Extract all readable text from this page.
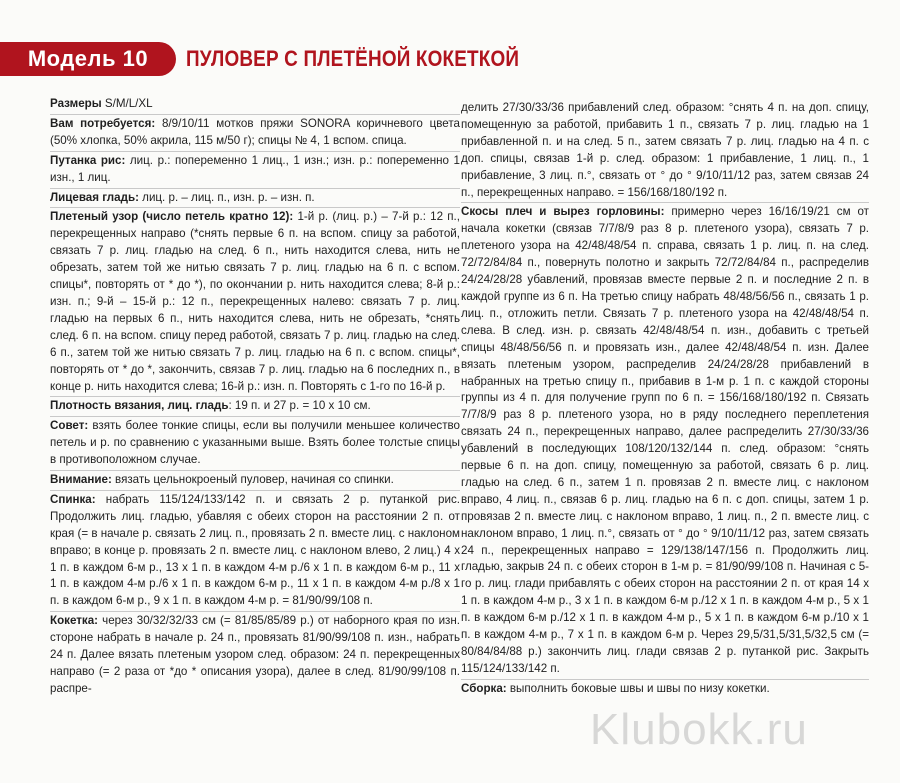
Модель 10	ПУЛОВЕР С ПЛЕТЁНОЙ КОКЕТКОЙ

Размеры S/M/L/XL

Вам потребуется: 8/9/10/11 мотков пряжи SONORA коричневого цвета (50% хлопка, 50% акрила, 115 м/50 г); спицы № 4, 1 вспом. спица.

Путанка рис: лиц. р.: попеременно 1 лиц., 1 изн.; изн. р.: попеременно 1 изн., 1 лиц.

Лицевая гладь: лиц. р. – лиц. п., изн. р. – изн. п.

Плетеный узор (число петель кратно 12): 1-й р. (лиц. р.) – 7-й р.: 12 п., перекрещенных направо (*снять первые 6 п. на вспом. спицу за работой, связать 7 р. лиц. гладью на след. 6 п., нить находится слева, нить не обрезать, затем той же нитью связать 7 р. лиц. гладью на 6 п. с вспом. спицы*, повторять от * до *), по окончании р. нить находится слева; 8-й р.: изн. п.; 9-й – 15-й р.: 12 п., перекрещенных налево: связать 7 р. лиц. гладью на первых 6 п., нить находится слева, нить не обрезать, *снять след. 6 п. на вспом. спицу перед работой, связать 7 р. лиц. гладью на след. 6 п., затем той же нитью связать 7 р. лиц. гладью на 6 п. с вспом. спицы*, повторять от * до *, закончить, связав 7 р. лиц. гладью на 6 последних п., в конце р. нить находится слева; 16-й р.: изн. п. Повторять с 1-го по 16-й р.

Плотность вязания, лиц. гладь: 19 п. и 27 р. = 10 х 10 см.

Совет: взять более тонкие спицы, если вы получили меньшее количество петель и р. по сравнению с указанными выше. Взять более толстые спицы в противоположном случае.

Внимание: вязать цельнокроеный пуловер, начиная со спинки.

Спинка: набрать 115/124/133/142 п. и связать 2 р. путанкой рис. Продолжить лиц. гладью, убавляя с обеих сторон на расстоянии 2 п. от края (= в начале р. связать 2 лиц. п., провязать 2 п. вместе лиц. с наклоном вправо; в конце р. провязать 2 п. вместе лиц. с наклоном влево, 2 лиц.) 4 х 1 п. в каждом 6-м р., 13 х 1 п. в каждом 4-м р./6 х 1 п. в каждом 6-м р., 11 х 1 п. в каждом 4-м р./6 х 1 п. в каждом 6-м р., 11 х 1 п. в каждом 4-м р./8 х 1 п. в каждом 6-м р., 9 х 1 п. в каждом 4-м р. = 81/90/99/108 п.

Кокетка: через 30/32/32/33 см (= 81/85/85/89 р.) от наборного края по изн. стороне набрать в начале р. 24 п., провязать 81/90/99/108 п. изн., набрать 24 п. Далее вязать плетеным узором след. образом: 24 п. перекрещенных направо (= 2 раза от *до * описания узора), далее в след. 81/90/99/108 п. распре-

делить 27/30/33/36 прибавлений след. образом: °снять 4 п. на доп. спицу, помещенную за работой, прибавить 1 п., связать 7 р. лиц. гладью на 1 прибавленной п. и на след. 5 п., затем связать 7 р. лиц. гладью на 4 п. с доп. спицы, связав 1-й р. след. образом: 1 прибавление, 1 лиц. п., 1 прибавление, 3 лиц. п.°, связать от ° до ° 9/10/11/12 раз, затем связав 24 п., перекрещенных направо. = 156/168/180/192 п.

Скосы плеч и вырез горловины: примерно через 16/16/19/21 см от начала кокетки (связав 7/7/8/9 раз 8 р. плетеного узора), связать 7 р. плетеного узора на 42/48/48/54 п. справа, связать 1 р. лиц. п. на след. 72/72/84/84 п., повернуть полотно и закрыть 72/72/84/84 п., распределив 24/24/28/28 убавлений, провязав вместе первые 2 п. и последние 2 п. в каждой группе из 6 п. На третью спицу набрать 48/48/56/56 п., связать 1 р. лиц. п., отложить петли. Связать 7 р. плетеного узора на 42/48/48/54 п. слева. В след. изн. р. связать 42/48/48/54 п. изн., добавить с третьей спицы 48/48/56/56 п. и провязать изн., далее 42/48/48/54 п. изн. Далее вязать плетеным узором, распределив 24/24/28/28 прибавлений в набранных на третью спицу п., прибавив в 1-м р. 1 п. с каждой стороны группы из 4 п. для получение групп по 6 п. = 156/168/180/192 п. Связать 7/7/8/9 раз 8 р. плетеного узора, но в ряду последнего переплетения связать 24 п., перекрещенных направо, далее распределить 27/30/33/36 убавлений в последующих 108/120/132/144 п. след. образом: °снять первые 6 п. на доп. спицу, помещенную за работой, связать 6 р. лиц. гладью на след. 6 п., затем 1 п. провязав 2 п. вместе лиц. с наклоном вправо, 4 лиц. п., связав 6 р. лиц. гладью на 6 п. с доп. спицы, затем 1 р. провязав 2 п. вместе лиц. с наклоном вправо, 1 лиц. п., 2 п. вместе лиц. с наклоном вправо, 1 лиц. п.°, связать от ° до ° 9/10/11/12 раз, затем связать 24 п., перекрещенных направо = 129/138/147/156 п. Продолжить лиц. гладью, закрыв 24 п. с обеих сторон в 1-м р. = 81/90/99/108 п. Начиная с 5-го р. лиц. глади прибавлять с обеих сторон на расстоянии 2 п. от края 14 х 1 п. в каждом 4-м р., 3 х 1 п. в каждом 6-м р./12 х 1 п. в каждом 4-м р., 5 х 1 п. в каждом 6-м р./12 х 1 п. в каждом 4-м р., 5 х 1 п. в каждом 6-м р./10 х 1 п. в каждом 4-м р., 7 х 1 п. в каждом 6-м р. Через 29,5/31,5/31,5/32,5 см (= 80/84/84/88 р.) закончить лиц. глади связав 2 р. путанкой рис. Закрыть 115/124/133/142 п.

Сборка: выполнить боковые швы и швы по низу кокетки.

Klubokk.ru
